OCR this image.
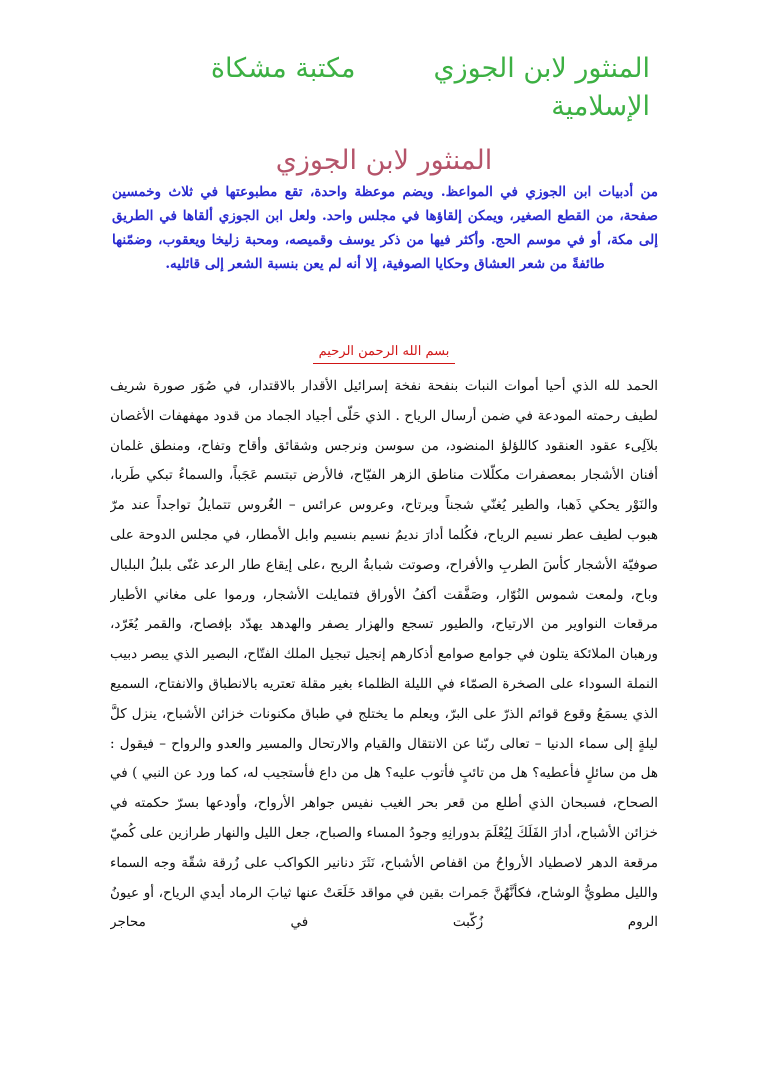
المنثور لابن الجوزي
مكتبة مشكاة
الإسلامية
المنثور لابن الجوزي
من أدبيات ابن الجوزي في المواعظ. ويضم موعظة واحدة، تقع مطبوعتها في ثلاث وخمسين صفحة، من القطع الصغير، ويمكن إلقاؤها في مجلس واحد. ولعل ابن الجوزي ألقاها في الطريق إلى مكة، أو في موسم الحج. وأكثر فيها من ذكر يوسف وقميصه، ومحبة زليخا ويعقوب، وضمّنها طائفةً من شعر العشاق وحكايا الصوفية، إلا أنه لم يعن بنسبة الشعر إلى قائليه.
بسم الله الرحمن الرحيم
الحمد لله الذي أحيا أموات النبات بنفحة نفخة إسرائيل الأقدار بالاقتدار، في صُوَر صورة شريف لطيف رحمته المودعة في ضمن أرسال الرياح . الذي حَلّى أجياد الجماد من قدود مهفهفات الأغصان بلآلِىء عقود العنقود كاللؤلؤ المنضود، من سوسن ونرجس وشقائق وأقاح وتفاح، ومنطق غلمان أفنان الأشجار بمعصفرات مكلّلات مناطق الزهر الفيّاح، فالأرض تبتسم عَجَباً، والسماءُ تبكي طَربا، والنَوْر يحكي ذَهبا، والطير يُغنّي شجناً ويرتاح، وعروس عرائس – الغُروس تتمايلُ تواجداً عند مرّ هبوب لطيف عطر نسيم الرياح، فكُلما أدارَ نديمُ نسيم بنسيم وابل الأمطار، في مجلس الدوحة على صوفيّة الأشجار كأسَ الطربِ والأفراح، وصوتت شبابةُ الريح ،على إيقاع طار الرعد غنّى بلبلُ البلبال وباح، ولمعت شموس النُوّار، وصَفَّقت أكفُ الأوراق فتمايلت الأشجار، ورموا على مغاني الأطيار مرقعات النواوير من الارتياح، والطيور تسجع والهزار يصفر والهدهد يهدّد بإفصاح، والقمر يُغَرّد، ورهبان الملائكة يتلون في جوامع صوامع أذكارهم إنجيل تبجيل الملك الفتّاح، البصير الذي يبصر دبيب النملة السوداء على الصخرة الصمّاء في الليلة الظلماء بغير مقلة تعتريه بالانطباق والانفتاح، السميع الذي يسمَعُ وقوع قوائم الذرّ على البرّ، ويعلم ما يختلج في طباق مكنونات خزائن الأشباح، ينزل كلَّ ليلةٍ إلى سماء الدنيا – تعالى ربّنا عن الانتقال والقيام والارتحال والمسير والعدو والرواح – فيقول : هل من سائلٍ فأعطيه؟ هل من تائبٍ فأتوب عليه؟ هل من داع فأستجيب له، كما ورد عن النبي ) في الصحاح، فسبحان الذي أطلع من قعر بحر الغيب نفيس جواهر الأرواح، وأودعها بسرّ حكمته في خزائن الأشباح، أدارَ الفَلَكَ لِيُعْلَمَ بدورانِهِ وجودُ المساء والصباح، جعل الليل والنهار طرازين على كُميّ مرقعة الدهر لاصطياد الأرواحُ من اقفاص الأشباح، نَثَرَ دنانير الكواكب على زُرقة شقّة وجه السماء والليل مطويُّ الوشاح، فكأنَّهُنَّ جَمرات بقين في مواقد خَلَعَتْ عنها ثيابَ الرماد أيدي الرياح، أو عيونُ الروم زُكّبت في محاجر
